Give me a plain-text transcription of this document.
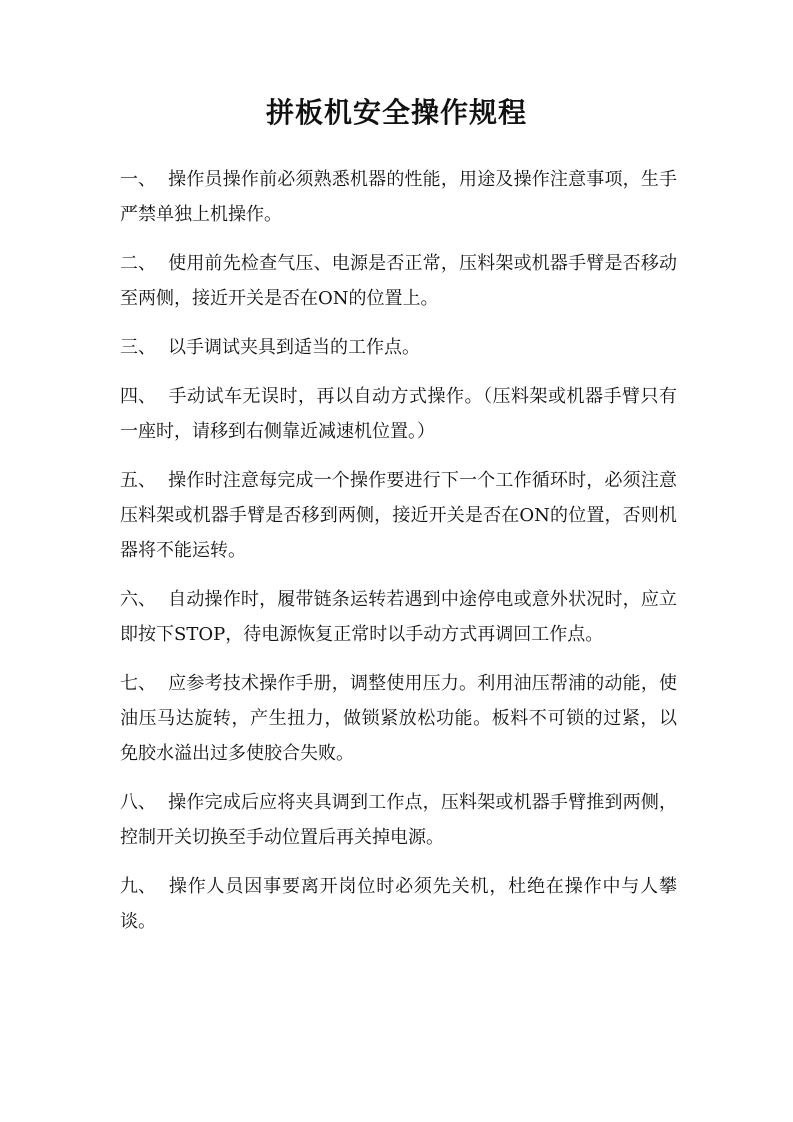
拼板机安全操作规程
一、 操作员操作前必须熟悉机器的性能，用途及操作注意事项，生手严禁单独上机操作。
二、 使用前先检查气压、电源是否正常，压料架或机器手臂是否移动至两侧，接近开关是否在ON的位置上。
三、 以手调试夹具到适当的工作点。
四、 手动试车无误时，再以自动方式操作。（压料架或机器手臂只有一座时，请移到右侧靠近减速机位置。）
五、 操作时注意每完成一个操作要进行下一个工作循环时，必须注意压料架或机器手臂是否移到两侧，接近开关是否在ON的位置，否则机器将不能运转。
六、 自动操作时，履带链条运转若遇到中途停电或意外状况时，应立即按下STOP，待电源恢复正常时以手动方式再调回工作点。
七、 应参考技术操作手册，调整使用压力。利用油压帮浦的动能，使油压马达旋转，产生扭力，做锁紧放松功能。板料不可锁的过紧，以免胶水溢出过多使胶合失败。
八、 操作完成后应将夹具调到工作点，压料架或机器手臂推到两侧，控制开关切换至手动位置后再关掉电源。
九、 操作人员因事要离开岗位时必须先关机，杜绝在操作中与人攀谈。
